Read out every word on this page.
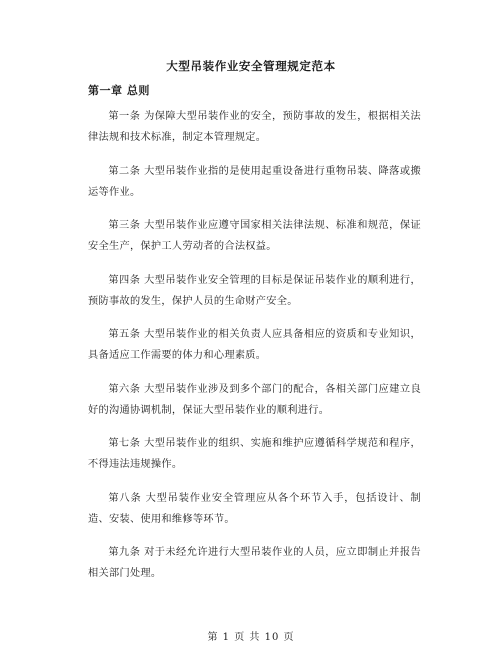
大型吊装作业安全管理规定范本
第一章 总则

第一条 为保障大型吊装作业的安全，预防事故的发生，根据相关法律法规和技术标准，制定本管理规定。

第二条 大型吊装作业指的是使用起重设备进行重物吊装、降落或搬运等作业。

第三条 大型吊装作业应遵守国家相关法律法规、标准和规范，保证安全生产，保护工人劳动者的合法权益。

第四条 大型吊装作业安全管理的目标是保证吊装作业的顺利进行，预防事故的发生，保护人员的生命财产安全。

第五条 大型吊装作业的相关负责人应具备相应的资质和专业知识，具备适应工作需要的体力和心理素质。

第六条 大型吊装作业涉及到多个部门的配合，各相关部门应建立良好的沟通协调机制，保证大型吊装作业的顺利进行。

第七条 大型吊装作业的组织、实施和维护应遵循科学规范和程序，不得违法违规操作。

第八条 大型吊装作业安全管理应从各个环节入手，包括设计、制造、安装、使用和维修等环节。

第九条 对于未经允许进行大型吊装作业的人员，应立即制止并报告相关部门处理。

第 1 页 共 10 页
